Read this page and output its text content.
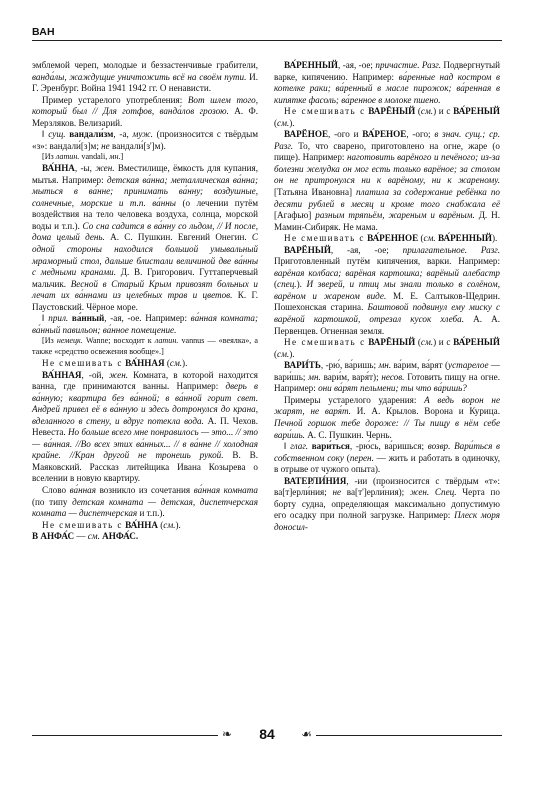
ВАН

эмблемой череп, молодые и беззастенчивые грабители, ванда́лы, жаждущие уничтожить всё на своём пути. И. Г. Эренбург. Война 1941 1942 гг. О ненависти.

Пример устарелого употребления: Вот шлем того, который был // Для готфов, ванда́лов грозою. А. Ф. Мерзляков. Велизарий.

‖ сущ. вандали́зм, -а, муж. (произносится с твёрдым «з»: вандали́[з]м; не вандали́[з']м).

[Из латин. vandali, мн.]

ВА́ННА, -ы, жен. Вместилище, ёмкость для купания, мытья. Например: детская ва́нна; металлическая ва́нна; мыться в ва́нне; принимать ва́нну; воздушные, солнечные, морские и т.п. ва́нны (о лечении путём воздействия на тело человека воздуха, солнца, морской воды и т.п.). Со сна садится в ва́нну со льдом, // И после, дома целый день. А. С. Пушкин. Евгений Онегин. С одной стороны находился большой умывальный мраморный стол, дальше блистали величиной две ва́нны с медными кранами. Д. В. Григорович. Гуттаперчевый мальчик. Весной в Старый Крым привозят больных и лечат их ва́ннами из целебных трав и цветов. К. Г. Паустовский. Чёрное море.

‖ прил. ва́нный, -ая, -ое. Например: ва́нная комната; ва́нный павильон; ва́нное помещение.

[Из немецк. Wanne; восходит к латин. vannus — «веялка», а также «средство освежения вообще».]

Не смешивать с ВА́ННАЯ (см.).

ВА́ННАЯ, -ой, жен. Комната, в которой находится ванна, где принимаются ванны. Например: дверь в ва́нную; квартира без ва́нной; в ва́нной горит свет. Андрей привел её в ва́нную и здесь дотронулся до крана, вделанного в стену, и вдруг потекла вода. А. П. Чехов. Невеста. Но больше всего мне понравилось — это... // это — ва́нная. //Во всех этих ва́нных... // в ва́нне // холодная крайне. //Кран другой не тронешь рукой. В. В. Маяковский. Рассказ литейщика Ивана Козырева о вселении в новую квартиру.

Слово ва́нная возникло из сочетания ва́нная комната (по типу детская комната — детская, диспетчерская комната — диспетчерская и т.п.).

Не смешивать с ВА́ННА (см.).

В АНФА́С — см. АНФА́С.

ВА́РЕННЫЙ, -ая, -ое; причастие. Разг. Подвергнутый варке, кипячению. Например: ва́ренные над костром в котелке раки; ва́ренный в масле пирожок; ва́ренная в кипятке фасоль; ва́ренное в молоке пшено.

Не смешивать с ВАРЁНЫЙ (см.) и с ВА́РЕНЫЙ (см.).

ВАРЁНОЕ, -ого и ВА́РЕНОЕ, -ого; в знач. сущ.; ср. Разг. То, что сварено, приготовлено на огне, жаре (о пище). Например: наготовить варёного и печёного; из-за болезни желудка он мог есть только варёное; за столом он не притронулся ни к варёному, ни к жареному. [Татьяна Ивановна] платила за содержание ребёнка по десяти рублей в месяц и кроме того снабжала её [Агафью] разным тряпьём, жареным и варёным. Д. Н. Мамин-Сибиряк. Не мама.

Не смешивать с ВА́РЕННОЕ (см. ВА́РЕННЫЙ).

ВАРЁНЫЙ, -ая, -ое; прилагательное. Разг. Приготовленный путём кипячения, варки. Например: варёная колбаса; варёная картошка; варёный алебастр (спец.). И зверей, и птиц мы знали только в солёном, варёном и жареном виде. М. Е. Салтыков-Щедрин. Пошехонская старина. Баштовой подвинул ему миску с варёной картошкой, отрезал кусок хлеба. А. А. Первенцев. Огненная земля.

Не смешивать с ВАРЁНЫЙ (см.) и с ВА́РЕНЫЙ (см.).

ВАРИ́ТЬ, -рю́, ва́ришь; мн. ва́рим, ва́рят (устарелое — вари́шь; мн. вари́м, варя́т); несов. Готовить пищу на огне. Например: они ва́рят пельмени; ты что ва́ришь?

Примеры устарелого ударения: А ведь ворон не жарят, не варя́т. И. А. Крылов. Ворона и Курица. Печной горшок тебе дороже: // Ты пищу в нём себе вари́шь. А. С. Пушкин. Чернь.

‖ глаг. вари́ться, -рю́сь, ва́ришься; возвр. Вари́ться в собственном соку (перен. — жить и работать в одиночку, в отрыве от чужого опыта).

ВАТЕРЛИ́НИЯ, -ии (произносится с твёрдым «т»: ва[т]ерли́ния; не ва[т']ерли́ния); жен. Спец. Черта по борту судна, определяющая максимально допустимую его осадку при полной загрузке. Например: Плеск моря доносил-

❧	84	☙
